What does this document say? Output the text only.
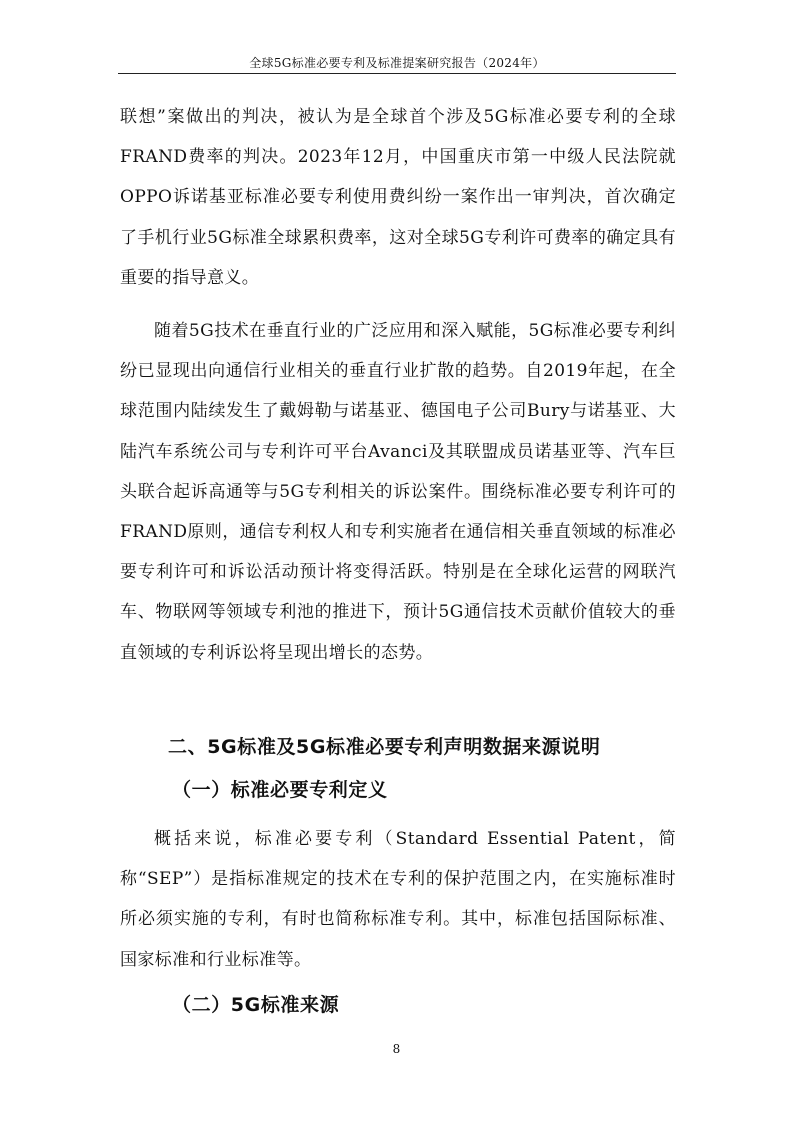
全球5G标准必要专利及标准提案研究报告（2024年）

联想”案做出的判决，被认为是全球首个涉及5G标准必要专利的全球FRAND费率的判决。2023年12月，中国重庆市第一中级人民法院就OPPO诉诺基亚标准必要专利使用费纠纷一案作出一审判决，首次确定了手机行业5G标准全球累积费率，这对全球5G专利许可费率的确定具有重要的指导意义。

随着5G技术在垂直行业的广泛应用和深入赋能，5G标准必要专利纠纷已显现出向通信行业相关的垂直行业扩散的趋势。自2019年起，在全球范围内陆续发生了戴姆勒与诺基亚、德国电子公司Bury与诺基亚、大陆汽车系统公司与专利许可平台Avanci及其联盟成员诺基亚等、汽车巨头联合起诉高通等与5G专利相关的诉讼案件。围绕标准必要专利许可的FRAND原则，通信专利权人和专利实施者在通信相关垂直领域的标准必要专利许可和诉讼活动预计将变得活跃。特别是在全球化运营的网联汽车、物联网等领域专利池的推进下，预计5G通信技术贡献价值较大的垂直领域的专利诉讼将呈现出增长的态势。

二、5G标准及5G标准必要专利声明数据来源说明
（一）标准必要专利定义

概括来说，标准必要专利（Standard Essential Patent，简称“SEP”）是指标准规定的技术在专利的保护范围之内，在实施标准时所必须实施的专利，有时也简称标准专利。其中，标准包括国际标准、国家标准和行业标准等。

（二）5G标准来源
8
